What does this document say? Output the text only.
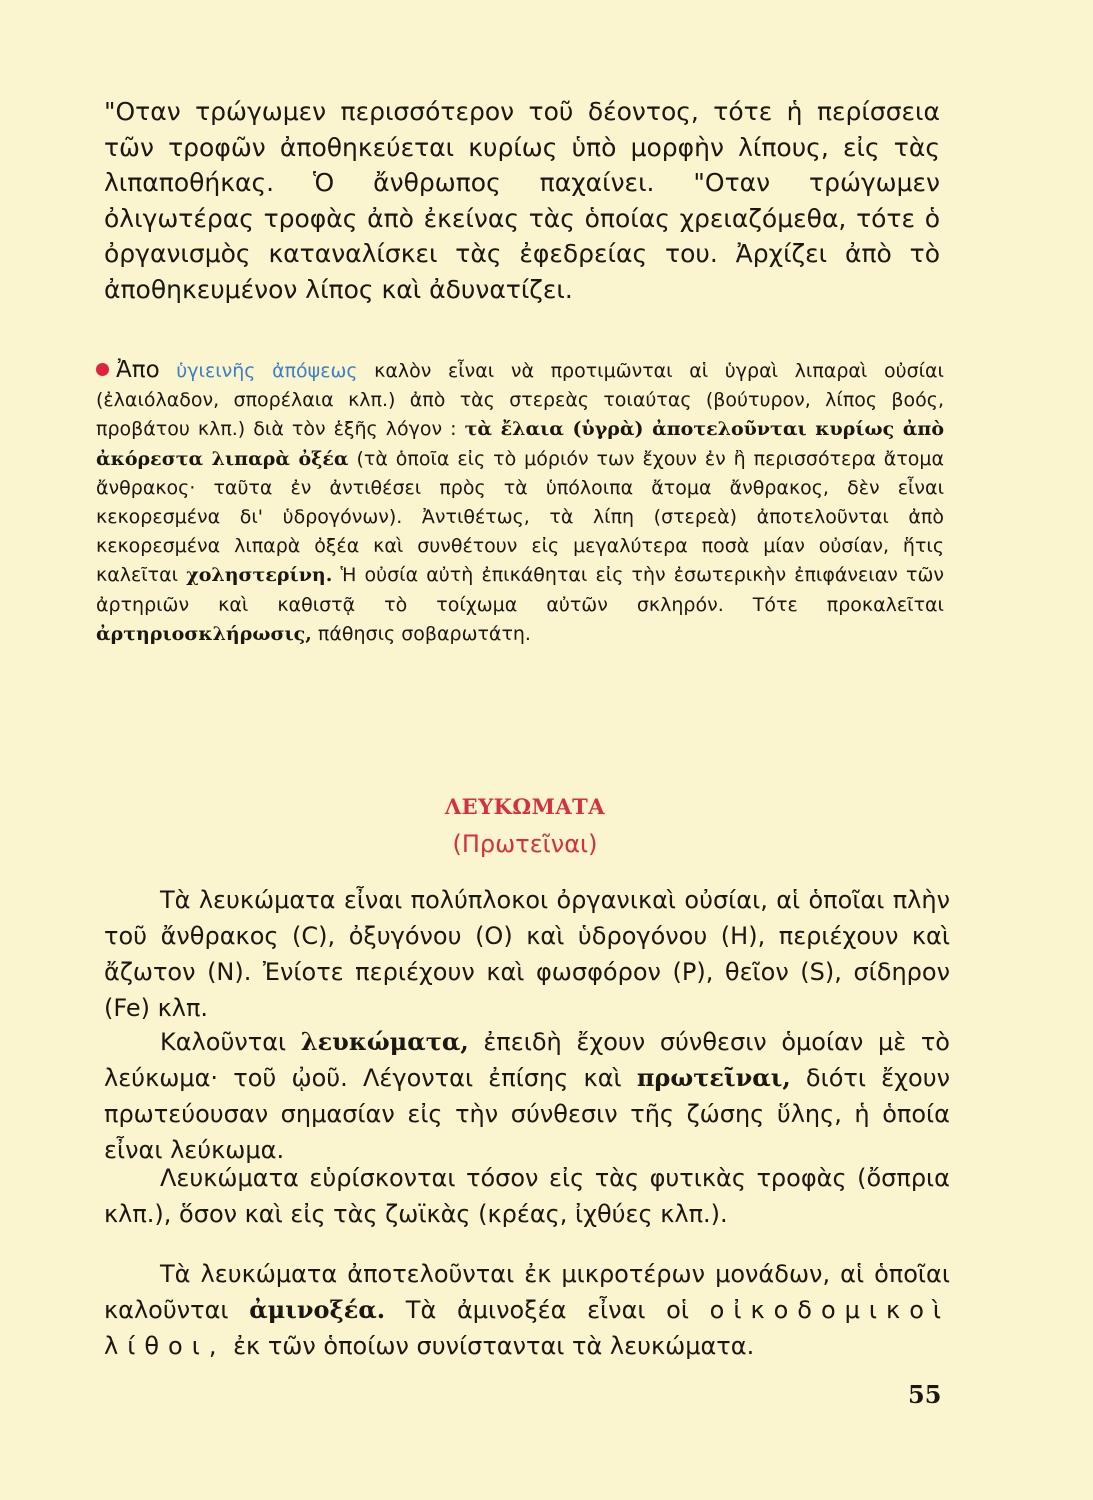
"Οταν τρώγωμεν περισσότερον τοῦ δέοντος, τότε ἡ περίσσεια τῶν τροφῶν ἀποθηκεύεται κυρίως ὑπὸ μορφὴν λίπους, εἰς τὰς λιπαποθήκας. Ὁ ἄνθρωπος παχαίνει. "Οταν τρώγωμεν ὀλιγωτέρας τροφὰς ἀπὸ ἐκείνας τὰς ὁποίας χρειαζόμεθα, τότε ὁ ὀργανισμὸς καταναλίσκει τὰς ἐφεδρείας του. Ἀρχίζει ἀπὸ τὸ ἀποθηκευμένον λίπος καὶ ἀδυνατίζει.

Ἀπο ὑγιεινῆς ἀπόψεως καλὸν εἶναι νὰ προτιμῶνται αἱ ὑγραὶ λιπαραὶ οὐσίαι (ἐλαιόλαδον, σπορέλαια κλπ.) ἀπὸ τὰς στερεὰς τοιαύτας (βούτυρον, λίπος βοός, προβάτου κλπ.) διὰ τὸν ἑξῆς λόγον : τὰ ἔλαια (ὑγρὰ) ἀποτελοῦνται κυρίως ἀπὸ ἀκόρεστα λιπαρὰ ὀξέα (τὰ ὁποῖα εἰς τὸ μόριόν των ἔχουν ἐν ἢ περισσότερα ἄτομα ἄνθρακος· ταῦτα ἐν ἀντιθέσει πρὸς τὰ ὑπόλοιπα ἄτομα ἄνθρακος, δὲν εἶναι κεκορεσμένα δι' ὑδρογόνων). Ἀντιθέτως, τὰ λίπη (στερεὰ) ἀποτελοῦνται ἀπὸ κεκορεσμένα λιπαρὰ ὀξέα καὶ συνθέτουν εἰς μεγαλύτερα ποσὰ μίαν οὐσίαν, ἥτις καλεῖται χοληστερίνη. Ἡ οὐσία αὐτὴ ἐπικάθηται εἰς τὴν ἐσωτερικὴν ἐπιφάνειαν τῶν ἀρτηριῶν καὶ καθιστᾷ τὸ τοίχωμα αὐτῶν σκληρόν. Τότε προκαλεῖται ἀρτηριοσκλήρωσις, πάθησις σοβαρωτάτη.

ΛΕΥΚΩΜΑΤΑ
(Πρωτεῖναι)

Τὰ λευκώματα εἶναι πολύπλοκοι ὀργανικαὶ οὐσίαι, αἱ ὁποῖαι πλὴν τοῦ ἄνθρακος (C), ὀξυγόνου (O) καὶ ὑδρογόνου (H), περιέχουν καὶ ἄζωτον (N). Ἐνίοτε περιέχουν καὶ φωσφόρον (P), θεῖον (S), σίδηρον (Fe) κλπ.

Καλοῦνται λευκώματα, ἐπειδὴ ἔχουν σύνθεσιν ὁμοίαν μὲ τὸ λεύκωμα· τοῦ ᾠοῦ. Λέγονται ἐπίσης καὶ πρωτεῖναι, διότι ἔχουν πρωτεύουσαν σημασίαν εἰς τὴν σύνθεσιν τῆς ζώσης ὕλης, ἡ ὁποία εἶναι λεύκωμα.

Λευκώματα εὑρίσκονται τόσον εἰς τὰς φυτικὰς τροφὰς (ὄσπρια κλπ.), ὅσον καὶ εἰς τὰς ζωϊκὰς (κρέας, ἰχθύες κλπ.).

Τὰ λευκώματα ἀποτελοῦνται ἐκ μικροτέρων μονάδων, αἱ ὁποῖαι καλοῦνται ἀμινοξέα. Τὰ ἀμινοξέα εἶναι οἱ οἰκοδομικοὶ λίθοι, ἐκ τῶν ὁποίων συνίστανται τὰ λευκώματα.

55
